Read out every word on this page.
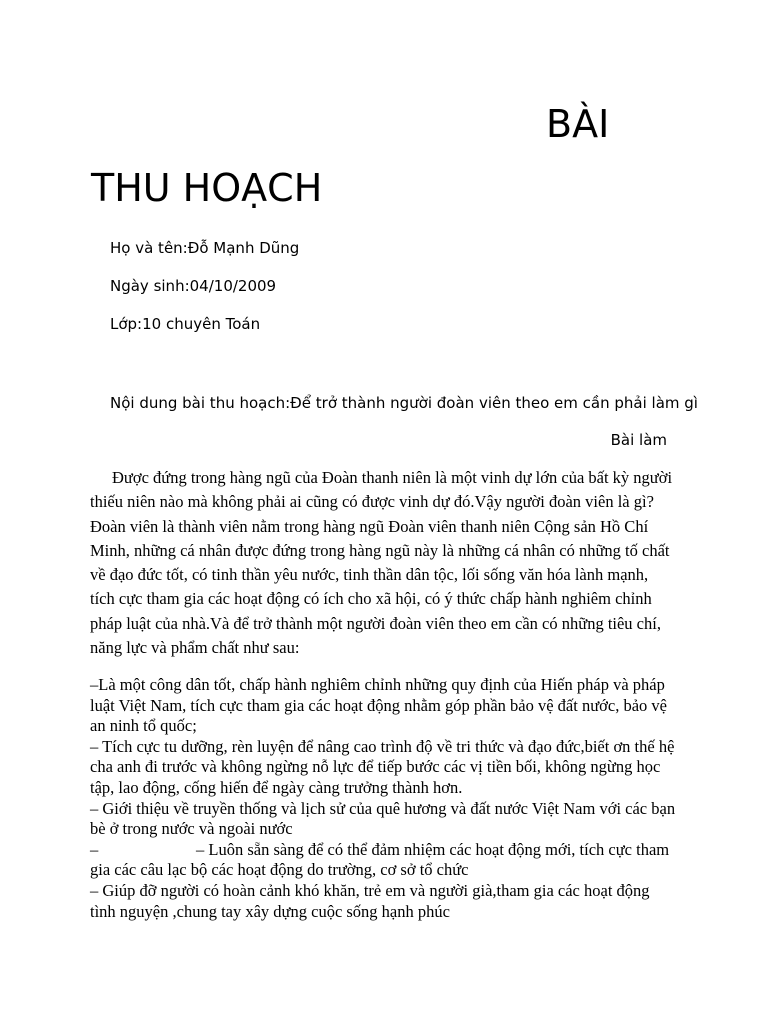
BÀI
THU HOẠCH

Họ và tên:Đỗ Mạnh Dũng

Ngày sinh:04/10/2009

Lớp:10 chuyên Toán

Nội dung bài thu hoạch:Để trở thành người đoàn viên theo em cần phải làm gì

Bài làm

Được đứng trong hàng ngũ của Đoàn thanh niên là một vinh dự lớn của bất kỳ người thiếu niên nào mà không phải ai cũng có được vinh dự đó.Vậy người đoàn viên là gì? Đoàn viên là thành viên nằm trong hàng ngũ Đoàn viên thanh niên Cộng sản Hồ Chí Minh, những cá nhân được đứng trong hàng ngũ này là những cá nhân có những tố chất về đạo đức tốt, có tinh thần yêu nước, tinh thần dân tộc, lối sống văn hóa lành mạnh, tích cực tham gia các hoạt động có ích cho xã hội, có ý thức chấp hành nghiêm chỉnh pháp luật của nhà.Và để trở thành một người đoàn viên theo em cần có những tiêu chí, năng lực và phẩm chất như sau:

–Là một công dân tốt, chấp hành nghiêm chỉnh những quy định của Hiến pháp và pháp luật Việt Nam, tích cực tham gia các hoạt động nhằm góp phần bảo vệ đất nước, bảo vệ an ninh tổ quốc;

– Tích cực tu dưỡng, rèn luyện để nâng cao trình độ về tri thức và đạo đức,biết ơn thế hệ cha anh đi trước và không ngừng nỗ lực để tiếp bước các vị tiền bối, không ngừng học tập, lao động, cống hiến để ngày càng trưởng thành hơn.

– Giới thiệu về truyền thống và lịch sử của quê hương và đất nước Việt Nam với các bạn bè ở trong nước và ngoài nước

–	– Luôn sẵn sàng để có thể đảm nhiệm các hoạt động mới, tích cực tham gia các câu lạc bộ các hoạt động do trường, cơ sở tổ chức

– Giúp đỡ người có hoàn cảnh khó khăn, trẻ em và người già,tham gia các hoạt động tình nguyện ,chung tay xây dựng cuộc sống hạnh phúc
